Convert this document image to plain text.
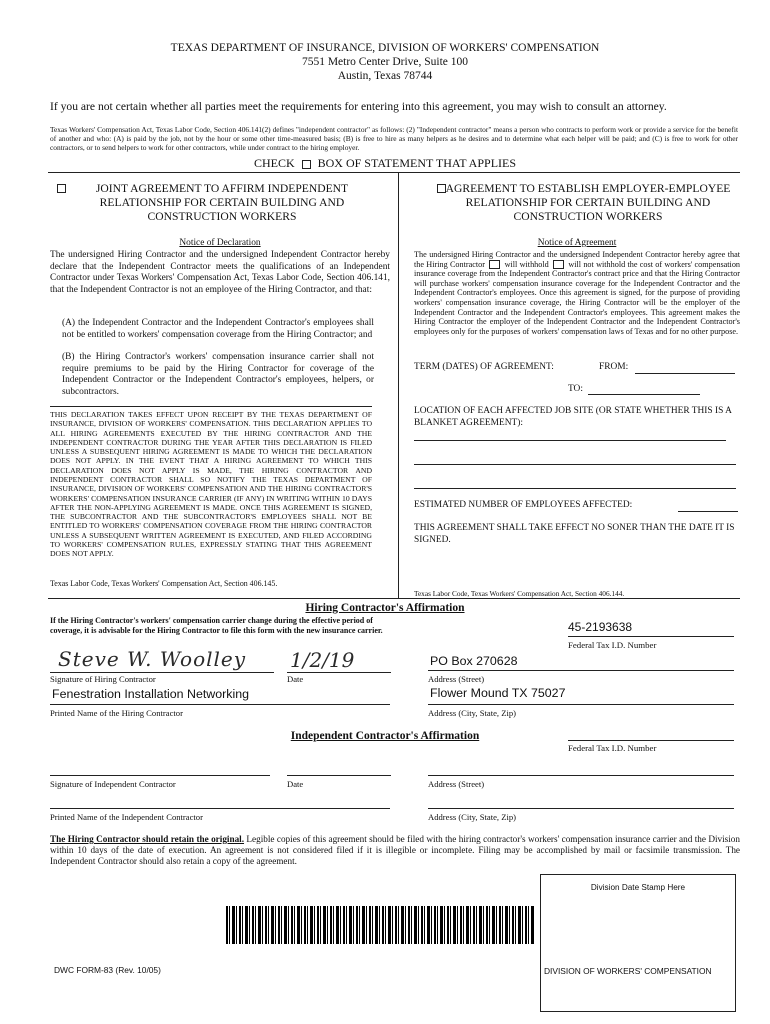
TEXAS DEPARTMENT OF INSURANCE, DIVISION OF WORKERS' COMPENSATION
7551 Metro Center Drive, Suite 100
Austin, Texas 78744
If you are not certain whether all parties meet the requirements for entering into this agreement, you may wish to consult an attorney.
Texas Workers' Compensation Act, Texas Labor Code, Section 406.141(2) defines "independent contractor" as follows: (2) "Independent contractor" means a person who contracts to perform work or provide a service for the benefit of another and who: (A) is paid by the job, not by the hour or some other time-measured basis; (B) is free to hire as many helpers as he desires and to determine what each helper will be paid; and (C) is free to work for other contractors, or to send helpers to work for other contractors, while under contract to the hiring employer.
CHECK BOX OF STATEMENT THAT APPLIES
JOINT AGREEMENT TO AFFIRM INDEPENDENT RELATIONSHIP FOR CERTAIN BUILDING AND CONSTRUCTION WORKERS
Notice of Declaration
The undersigned Hiring Contractor and the undersigned Independent Contractor hereby declare that the Independent Contractor meets the qualifications of an Independent Contractor under Texas Workers' Compensation Act, Texas Labor Code, Section 406.141, that the Independent Contractor is not an employee of the Hiring Contractor, and that:
(A) the Independent Contractor and the Independent Contractor's employees shall not be entitled to workers' compensation coverage from the Hiring Contractor; and
(B) the Hiring Contractor's workers' compensation insurance carrier shall not require premiums to be paid by the Hiring Contractor for coverage of the Independent Contractor or the Independent Contractor's employees, helpers, or subcontractors.
THIS DECLARATION TAKES EFFECT UPON RECEIPT BY THE TEXAS DEPARTMENT OF INSURANCE, DIVISION OF WORKERS' COMPENSATION. THIS DECLARATION APPLIES TO ALL HIRING AGREEMENTS EXECUTED BY THE HIRING CONTRACTOR AND THE INDEPENDENT CONTRACTOR DURING THE YEAR AFTER THIS DECLARATION IS FILED UNLESS A SUBSEQUENT HIRING AGREEMENT IS MADE TO WHICH THE DECLARATION DOES NOT APPLY. IN THE EVENT THAT A HIRING AGREEMENT TO WHICH THIS DECLARATION DOES NOT APPLY IS MADE, THE HIRING CONTRACTOR AND INDEPENDENT CONTRACTOR SHALL SO NOTIFY THE TEXAS DEPARTMENT OF INSURANCE, DIVISION OF WORKERS' COMPENSATION AND THE HIRING CONTRACTOR'S WORKERS' COMPENSATION INSURANCE CARRIER (IF ANY) IN WRITING WITHIN 10 DAYS AFTER THE NON-APPLYING AGREEMENT IS MADE. ONCE THIS AGREEMENT IS SIGNED, THE SUBCONTRACTOR AND THE SUBCONTRACTOR'S EMPLOYEES SHALL NOT BE ENTITLED TO WORKERS' COMPENSATION COVERAGE FROM THE HIRING CONTRACTOR UNLESS A SUBSEQUENT WRITTEN AGREEMENT IS EXECUTED, AND FILED ACCORDING TO WORKERS' COMPENSATION RULES, EXPRESSLY STATING THAT THIS AGREEMENT DOES NOT APPLY.
Texas Labor Code, Texas Workers' Compensation Act, Section 406.145.
AGREEMENT TO ESTABLISH EMPLOYER-EMPLOYEE RELATIONSHIP FOR CERTAIN BUILDING AND CONSTRUCTION WORKERS
Notice of Agreement
The undersigned Hiring Contractor and the undersigned Independent Contractor hereby agree that the Hiring Contractor will withhold will not withhold the cost of workers' compensation insurance coverage from the Independent Contractor's contract price and that the Hiring Contractor will purchase workers' compensation insurance coverage for the Independent Contractor and the Independent Contractor's employees. Once this agreement is signed, for the purpose of providing workers' compensation insurance coverage, the Hiring Contractor will be the employer of the Independent Contractor and the Independent Contractor's employees. This agreement makes the Hiring Contractor the employer of the Independent Contractor and the Independent Contractor's employees only for the purposes of workers' compensation laws of Texas and for no other purpose.
TERM (DATES) OF AGREEMENT:	FROM:
TO:
LOCATION OF EACH AFFECTED JOB SITE (OR STATE WHETHER THIS IS A BLANKET AGREEMENT):
ESTIMATED NUMBER OF EMPLOYEES AFFECTED:
THIS AGREEMENT SHALL TAKE EFFECT NO SONER THAN THE DATE IT IS SIGNED.
Texas Labor Code, Texas Workers' Compensation Act, Section 406.144.
Hiring Contractor's Affirmation
If the Hiring Contractor's workers' compensation carrier change during the effective period of coverage, it is advisable for the Hiring Contractor to file this form with the new insurance carrier.	45-2193638
Federal Tax I.D. Number
Steve W. Woolley	1/2/19
Signature of Hiring Contractor	Date
PO Box 270628
Address (Street)
Fenestration Installation Networking
Printed Name of the Hiring Contractor
Flower Mound TX 75027
Address (City, State, Zip)
Independent Contractor's Affirmation
Federal Tax I.D. Number
Signature of Independent Contractor	Date	Address (Street)
Printed Name of the Independent Contractor	Address (City, State, Zip)
The Hiring Contractor should retain the original. Legible copies of this agreement should be filed with the hiring contractor's workers' compensation insurance carrier and the Division within 10 days of the date of execution. An agreement is not considered filed if it is illegible or incomplete. Filing may be accomplished by mail or facsimile transmission. The Independent Contractor should also retain a copy of the agreement.
Division Date Stamp Here
DWC FORM-83 (Rev. 10/05)	DIVISION OF WORKERS' COMPENSATION
